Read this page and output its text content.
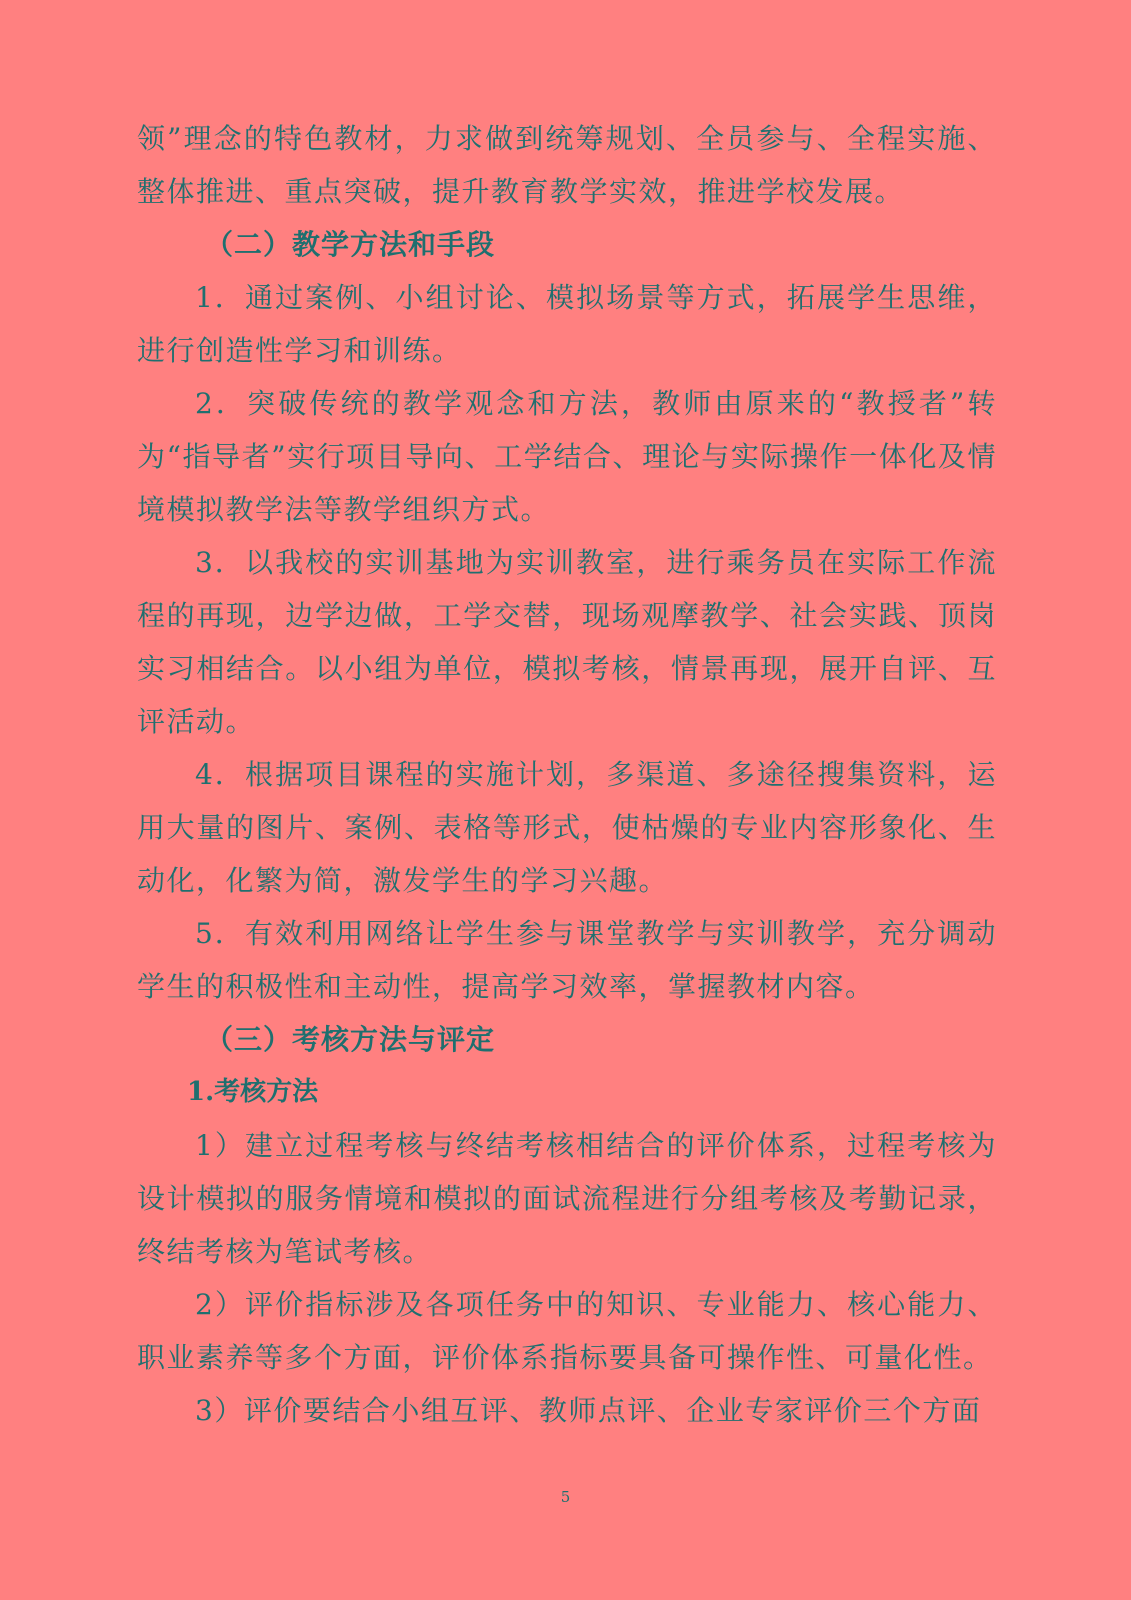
领”理念的特色教材，力求做到统筹规划、全员参与、全程实施、整体推进、重点突破，提升教育教学实效，推进学校发展。

（二）教学方法和手段

1．通过案例、小组讨论、模拟场景等方式，拓展学生思维，进行创造性学习和训练。

2．突破传统的教学观念和方法，教师由原来的“教授者”转为“指导者”实行项目导向、工学结合、理论与实际操作一体化及情境模拟教学法等教学组织方式。

3．以我校的实训基地为实训教室，进行乘务员在实际工作流程的再现，边学边做，工学交替，现场观摩教学、社会实践、顶岗实习相结合。以小组为单位，模拟考核，情景再现，展开自评、互评活动。

4．根据项目课程的实施计划，多渠道、多途径搜集资料，运用大量的图片、案例、表格等形式，使枯燥的专业内容形象化、生动化，化繁为简，激发学生的学习兴趣。

5．有效利用网络让学生参与课堂教学与实训教学，充分调动学生的积极性和主动性，提高学习效率，掌握教材内容。

（三）考核方法与评定

1.考核方法

1）建立过程考核与终结考核相结合的评价体系，过程考核为设计模拟的服务情境和模拟的面试流程进行分组考核及考勤记录，终结考核为笔试考核。

2）评价指标涉及各项任务中的知识、专业能力、核心能力、职业素养等多个方面，评价体系指标要具备可操作性、可量化性。

3）评价要结合小组互评、教师点评、企业专家评价三个方面

5
